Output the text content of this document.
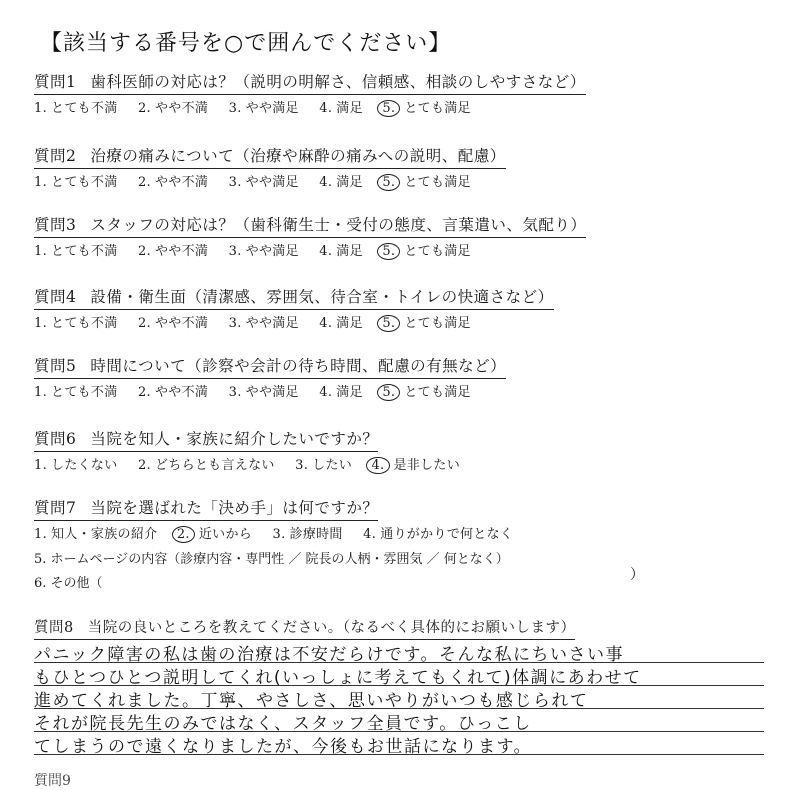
【該当する番号を○で囲んでください】
質問1 歯科医師の対応は？（説明の明解さ、信頼感、相談のしやすさなど）
1. とても不満 2. やや不満 3. やや満足 4. 満足 5. とても満足
質問2 治療の痛みについて（治療や麻酔の痛みへの説明、配慮）
1. とても不満 2. やや不満 3. やや満足 4. 満足 5. とても満足
質問3 スタッフの対応は？（歯科衛生士・受付の態度、言葉遣い、気配り）
1. とても不満 2. やや不満 3. やや満足 4. 満足 5. とても満足
質問4 設備・衛生面（清潔感、雰囲気、待合室・トイレの快適さなど）
1. とても不満 2. やや不満 3. やや満足 4. 満足 5. とても満足
質問5 時間について（診察や会計の待ち時間、配慮の有無など）
1. とても不満 2. やや不満 3. やや満足 4. 満足 5. とても満足
質問6 当院を知人・家族に紹介したいですか？
1. したくない 2. どちらとも言えない 3. したい 4. 是非したい
質問7 当院を選ばれた「決め手」は何ですか？
1. 知人・家族の紹介 2. 近いから 3. 診療時間 4. 通りがかりで何となく
5. ホームページの内容（診療内容・専門性 ／ 院長の人柄・雰囲気 ／ 何となく）
6. その他（
）
質問8 当院の良いところを教えてください。（なるべく具体的にお願いします）
パニック障害の私は歯の治療は不安だらけです。そんな私にちいさい事
もひとつひとつ説明してくれ(いっしょに考えてもくれて)体調にあわせて
進めてくれました。丁寧、やさしさ、思いやりがいつも感じられて
それが院長先生のみではなく、スタッフ全員です。ひっこし
てしまうので遠くなりましたが、今後もお世話になります。
質問9
